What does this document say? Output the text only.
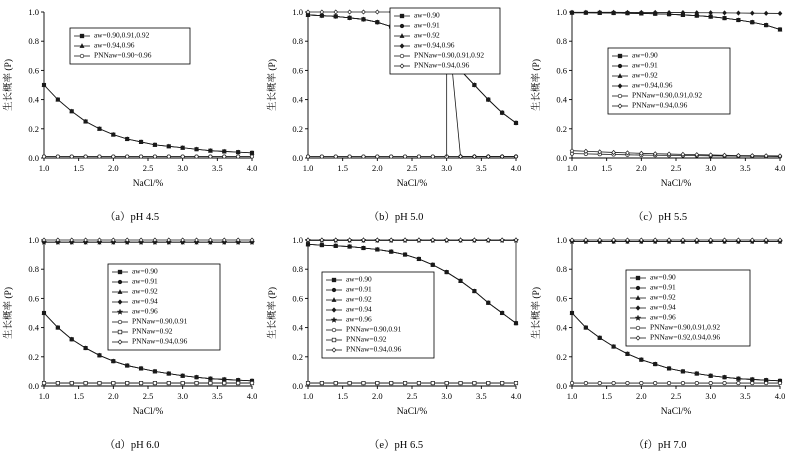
0.0
0.2
0.4
0.6
0.8
1.0
1.0	1.5	2.0	2.5	3.0	3.5	4.0
NaCl/%
生长概率 (P)
aw=0.90,0.91,0.92
aw=0.94,0.96
PNNaw=0.90~0.96
（a）pH 4.5
0.0
0.2
0.4
0.6
0.8
1.0
1.0	1.5	2.0	2.5	3.0	3.5	4.0
NaCl/%
生长概率 (P)
aw=0.90
aw=0.91
aw=0.92
aw=0.94,0.96
PNNaw=0.90,0.91,0.92
PNNaw=0.94,0.96
（b）pH 5.0
0.0
0.2
0.4
0.6
0.8
1.0
1.0	1.5	2.0	2.5	3.0	3.5	4.0
NaCl/%
生长概率 (P)
aw=0.90
aw=0.91
aw=0.92
aw=0.94,0.96
PNNaw=0.90,0.91,0.92
PNNaw=0.94,0.96
（c）pH 5.5
0.0
0.2
0.4
0.6
0.8
1.0
1.0	1.5	2.0	2.5	3.0	3.5	4.0
NaCl/%
生长概率 (P)
aw=0.90
aw=0.91
aw=0.92
aw=0.94
aw=0.96
PNNaw=0.90,0.91
PNNaw=0.92
PNNaw=0.94,0.96
（d）pH 6.0
0.0
0.2
0.4
0.6
0.8
1.0
1.0	1.5	2.0	2.5	3.0	3.5	4.0
NaCl/%
生长概率 (P)
aw=0.90
aw=0.91
aw=0.92
aw=0.94
aw=0.96
PNNaw=0.90,0.91
PNNaw=0.92
PNNaw=0.94,0.96
（e）pH 6.5
0.0
0.2
0.4
0.6
0.8
1.0
1.0	1.5	2.0	2.5	3.0	3.5	4.0
NaCl/%
生长概率 (P)
aw=0.90
aw=0.91
aw=0.92
aw=0.94
aw=0.96
PNNaw=0.90,0.91,0.92
PNNaw=0.92,0.94,0.96
（f）pH 7.0
